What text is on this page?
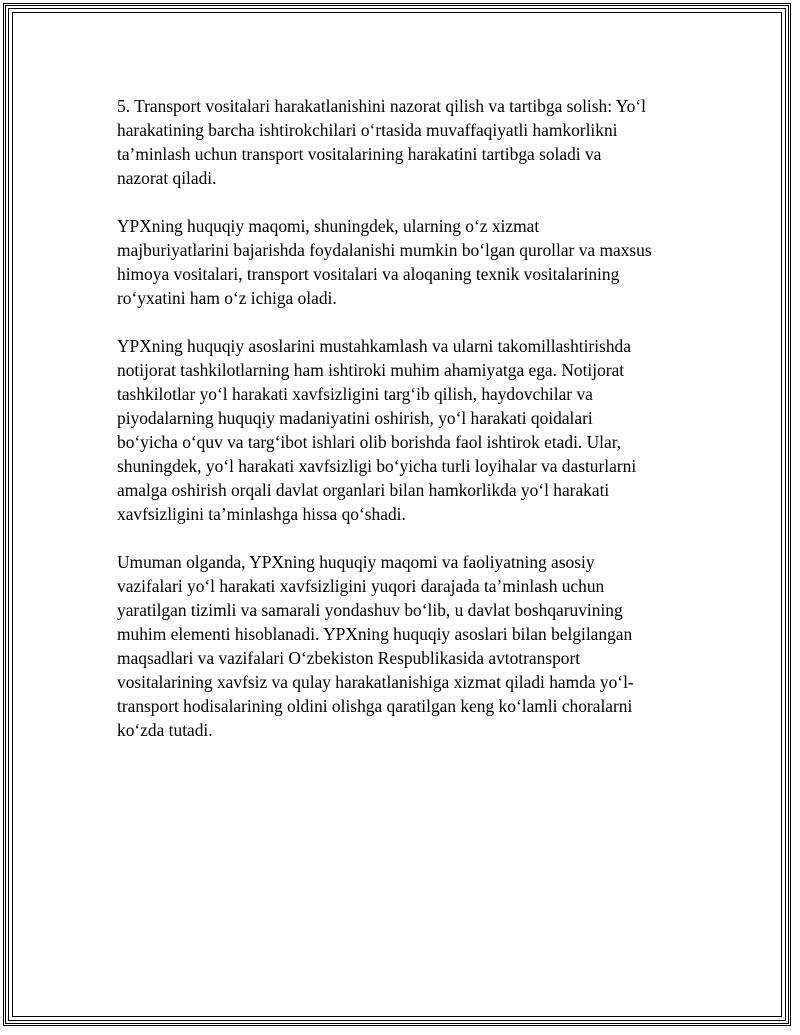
5. Transport vositalari harakatlanishini nazorat qilish va tartibga solish: Yo‘l
harakatining barcha ishtirokchilari o‘rtasida muvaffaqiyatli hamkorlikni
ta’minlash uchun transport vositalarining harakatini tartibga soladi va
nazorat qiladi.

YPXning huquqiy maqomi, shuningdek, ularning o‘z xizmat
majburiyatlarini bajarishda foydalanishi mumkin bo‘lgan qurollar va maxsus
himoya vositalari, transport vositalari va aloqaning texnik vositalarining
ro‘yxatini ham o‘z ichiga oladi.

YPXning huquqiy asoslarini mustahkamlash va ularni takomillashtirishda
notijorat tashkilotlarning ham ishtiroki muhim ahamiyatga ega. Notijorat
tashkilotlar yo‘l harakati xavfsizligini targ‘ib qilish, haydovchilar va
piyodalarning huquqiy madaniyatini oshirish, yo‘l harakati qoidalari
bo‘yicha o‘quv va targ‘ibot ishlari olib borishda faol ishtirok etadi. Ular,
shuningdek, yo‘l harakati xavfsizligi bo‘yicha turli loyihalar va dasturlarni
amalga oshirish orqali davlat organlari bilan hamkorlikda yo‘l harakati
xavfsizligini ta’minlashga hissa qo‘shadi.

Umuman olganda, YPXning huquqiy maqomi va faoliyatning asosiy
vazifalari yo‘l harakati xavfsizligini yuqori darajada ta’minlash uchun
yaratilgan tizimli va samarali yondashuv bo‘lib, u davlat boshqaruvining
muhim elementi hisoblanadi. YPXning huquqiy asoslari bilan belgilangan
maqsadlari va vazifalari O‘zbekiston Respublikasida avtotransport
vositalarining xavfsiz va qulay harakatlanishiga xizmat qiladi hamda yo‘l-
transport hodisalarining oldini olishga qaratilgan keng ko‘lamli choralarni
ko‘zda tutadi.
